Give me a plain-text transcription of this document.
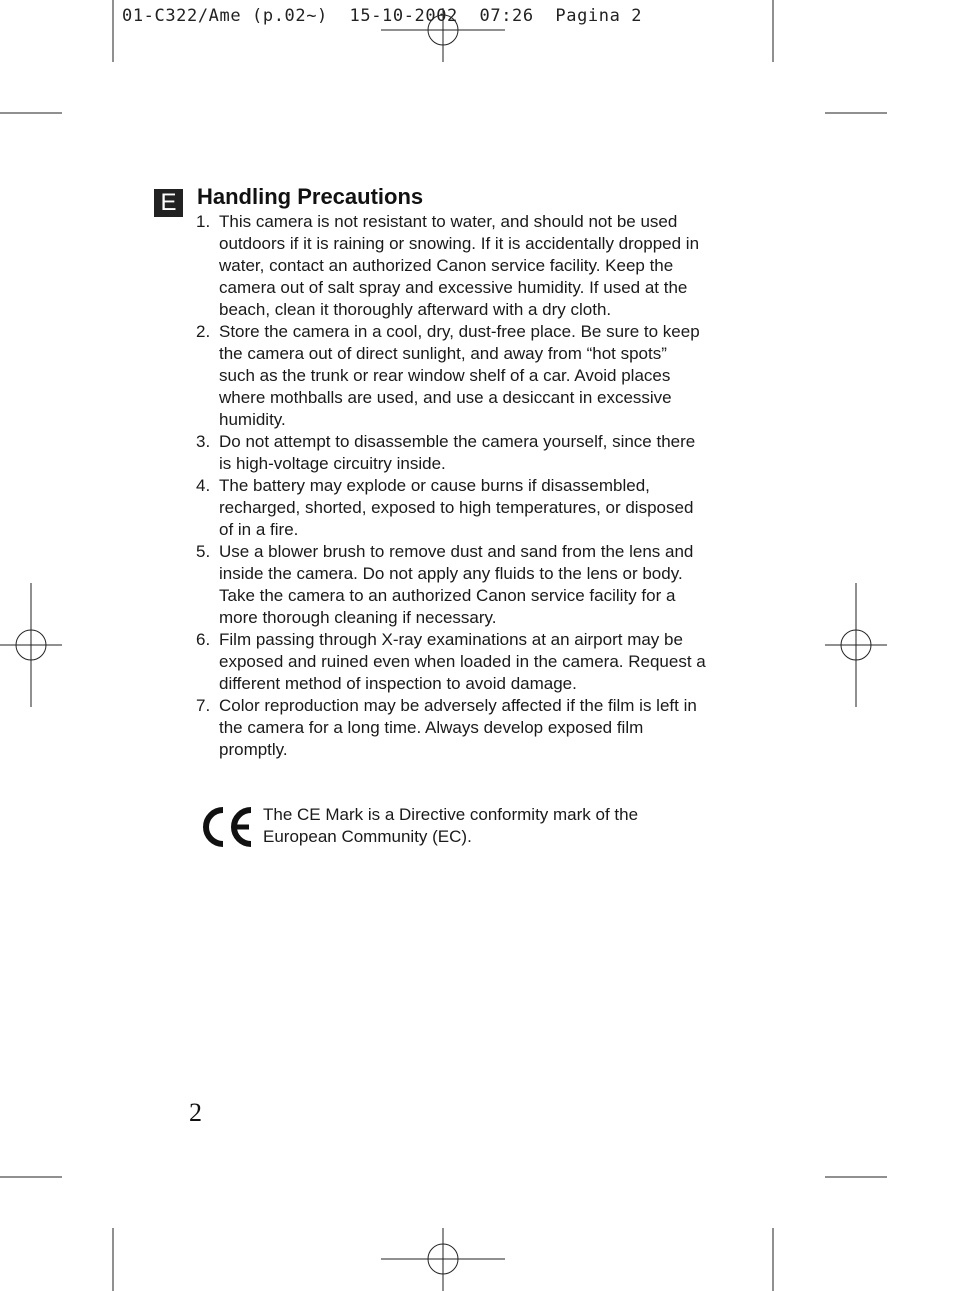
01-C322/Ame (p.02~)  15-10-2002  07:26  Pagina 2
E Handling Precautions
1. This camera is not resistant to water, and should not be used outdoors if it is raining or snowing. If it is accidentally dropped in water, contact an authorized Canon service facility. Keep the camera out of salt spray and excessive humidity. If used at the beach, clean it thoroughly afterward with a dry cloth.
2. Store the camera in a cool, dry, dust-free place. Be sure to keep the camera out of direct sunlight, and away from “hot spots” such as the trunk or rear window shelf of a car. Avoid places where mothballs are used, and use a desiccant in excessive humidity.
3. Do not attempt to disassemble the camera yourself, since there is high-voltage circuitry inside.
4. The battery may explode or cause burns if disassembled, recharged, shorted, exposed to high temperatures, or disposed of in a fire.
5. Use a blower brush to remove dust and sand from the lens and inside the camera. Do not apply any fluids to the lens or body. Take the camera to an authorized Canon service facility for a more thorough cleaning if necessary.
6. Film passing through X-ray examinations at an airport may be exposed and ruined even when loaded in the camera. Request a different method of inspection to avoid damage.
7. Color reproduction may be adversely affected if the film is left in the camera for a long time. Always develop exposed film promptly.

The CE Mark is a Directive conformity mark of the European Community (EC).

2
